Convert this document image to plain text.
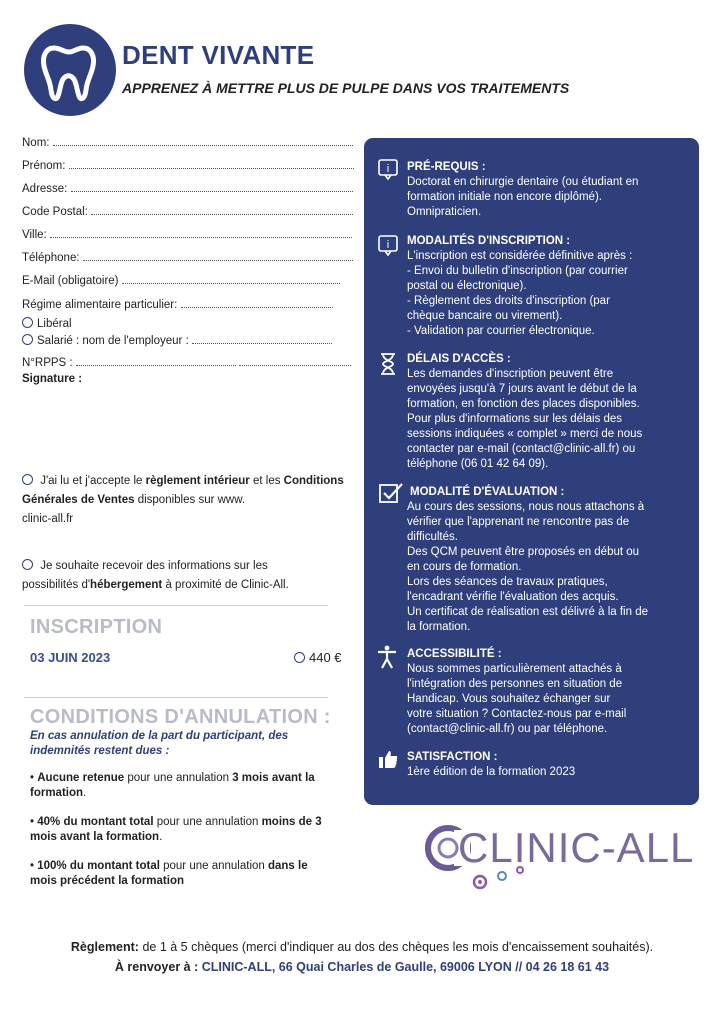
DENT VIVANTE
APPRENEZ À METTRE PLUS DE PULPE DANS VOS TRAITEMENTS
Nom:
Prénom:
Adresse:
Code Postal:
Ville:
Téléphone:
E-Mail (obligatoire)
Régime alimentaire particulier:
Libéral
Salarié : nom de l'employeur :
N°RPPS :
Signature :
J'ai lu et j'accepte le règlement intérieur et les Conditions Générales de Ventes disponibles sur www.
clinic-all.fr
Je souhaite recevoir des informations sur les
possibilités d'hébergement à proximité de Clinic-All.
INSCRIPTION
03 JUIN 2023	440 €
CONDITIONS D'ANNULATION :
En cas annulation de la part du participant, des indemnités restent dues :
• Aucune retenue pour une annulation 3 mois avant la formation.
• 40% du montant total pour une annulation moins de 3 mois avant la formation.
• 100% du montant total pour une annulation dans le mois précédent la formation
i PRÉ-REQUIS :
Doctorat en chirurgie dentaire (ou étudiant en
formation initiale non encore diplômé).
Omnipraticien.
i MODALITÉS D'INSCRIPTION :
L'inscription est considérée définitive après :
- Envoi du bulletin d'inscription (par courrier
postal ou électronique).
- Règlement des droits d'inscription (par
chèque bancaire ou virement).
- Validation par courrier électronique.
DÉLAIS D'ACCÈS :
Les demandes d'inscription peuvent être
envoyées jusqu'à 7 jours avant le début de la
formation, en fonction des places disponibles.
Pour plus d'informations sur les délais des
sessions indiquées « complet » merci de nous
contacter par e-mail (contact@clinic-all.fr) ou
téléphone (06 01 42 64 09).
MODALITÉ D'ÉVALUATION :
Au cours des sessions, nous nous attachons à
vérifier que l'apprenant ne rencontre pas de
difficultés.
Des QCM peuvent être proposés en début ou
en cours de formation.
Lors des séances de travaux pratiques,
l'encadrant vérifie l'évaluation des acquis.
Un certificat de réalisation est délivré à la fin de
la formation.
ACCESSIBILITÉ :
Nous sommes particulièrement attachés à
l'intégration des personnes en situation de
Handicap. Vous souhaitez échanger sur
votre situation ? Contactez-nous par e-mail
(contact@clinic-all.fr) ou par téléphone.
SATISFACTION :
1ère édition de la formation 2023
CLINIC-ALL
Règlement: de 1 à 5 chèques (merci d'indiquer au dos des chèques les mois d'encaissement souhaités).
À renvoyer à : CLINIC-ALL, 66 Quai Charles de Gaulle, 69006 LYON // 04 26 18 61 43
